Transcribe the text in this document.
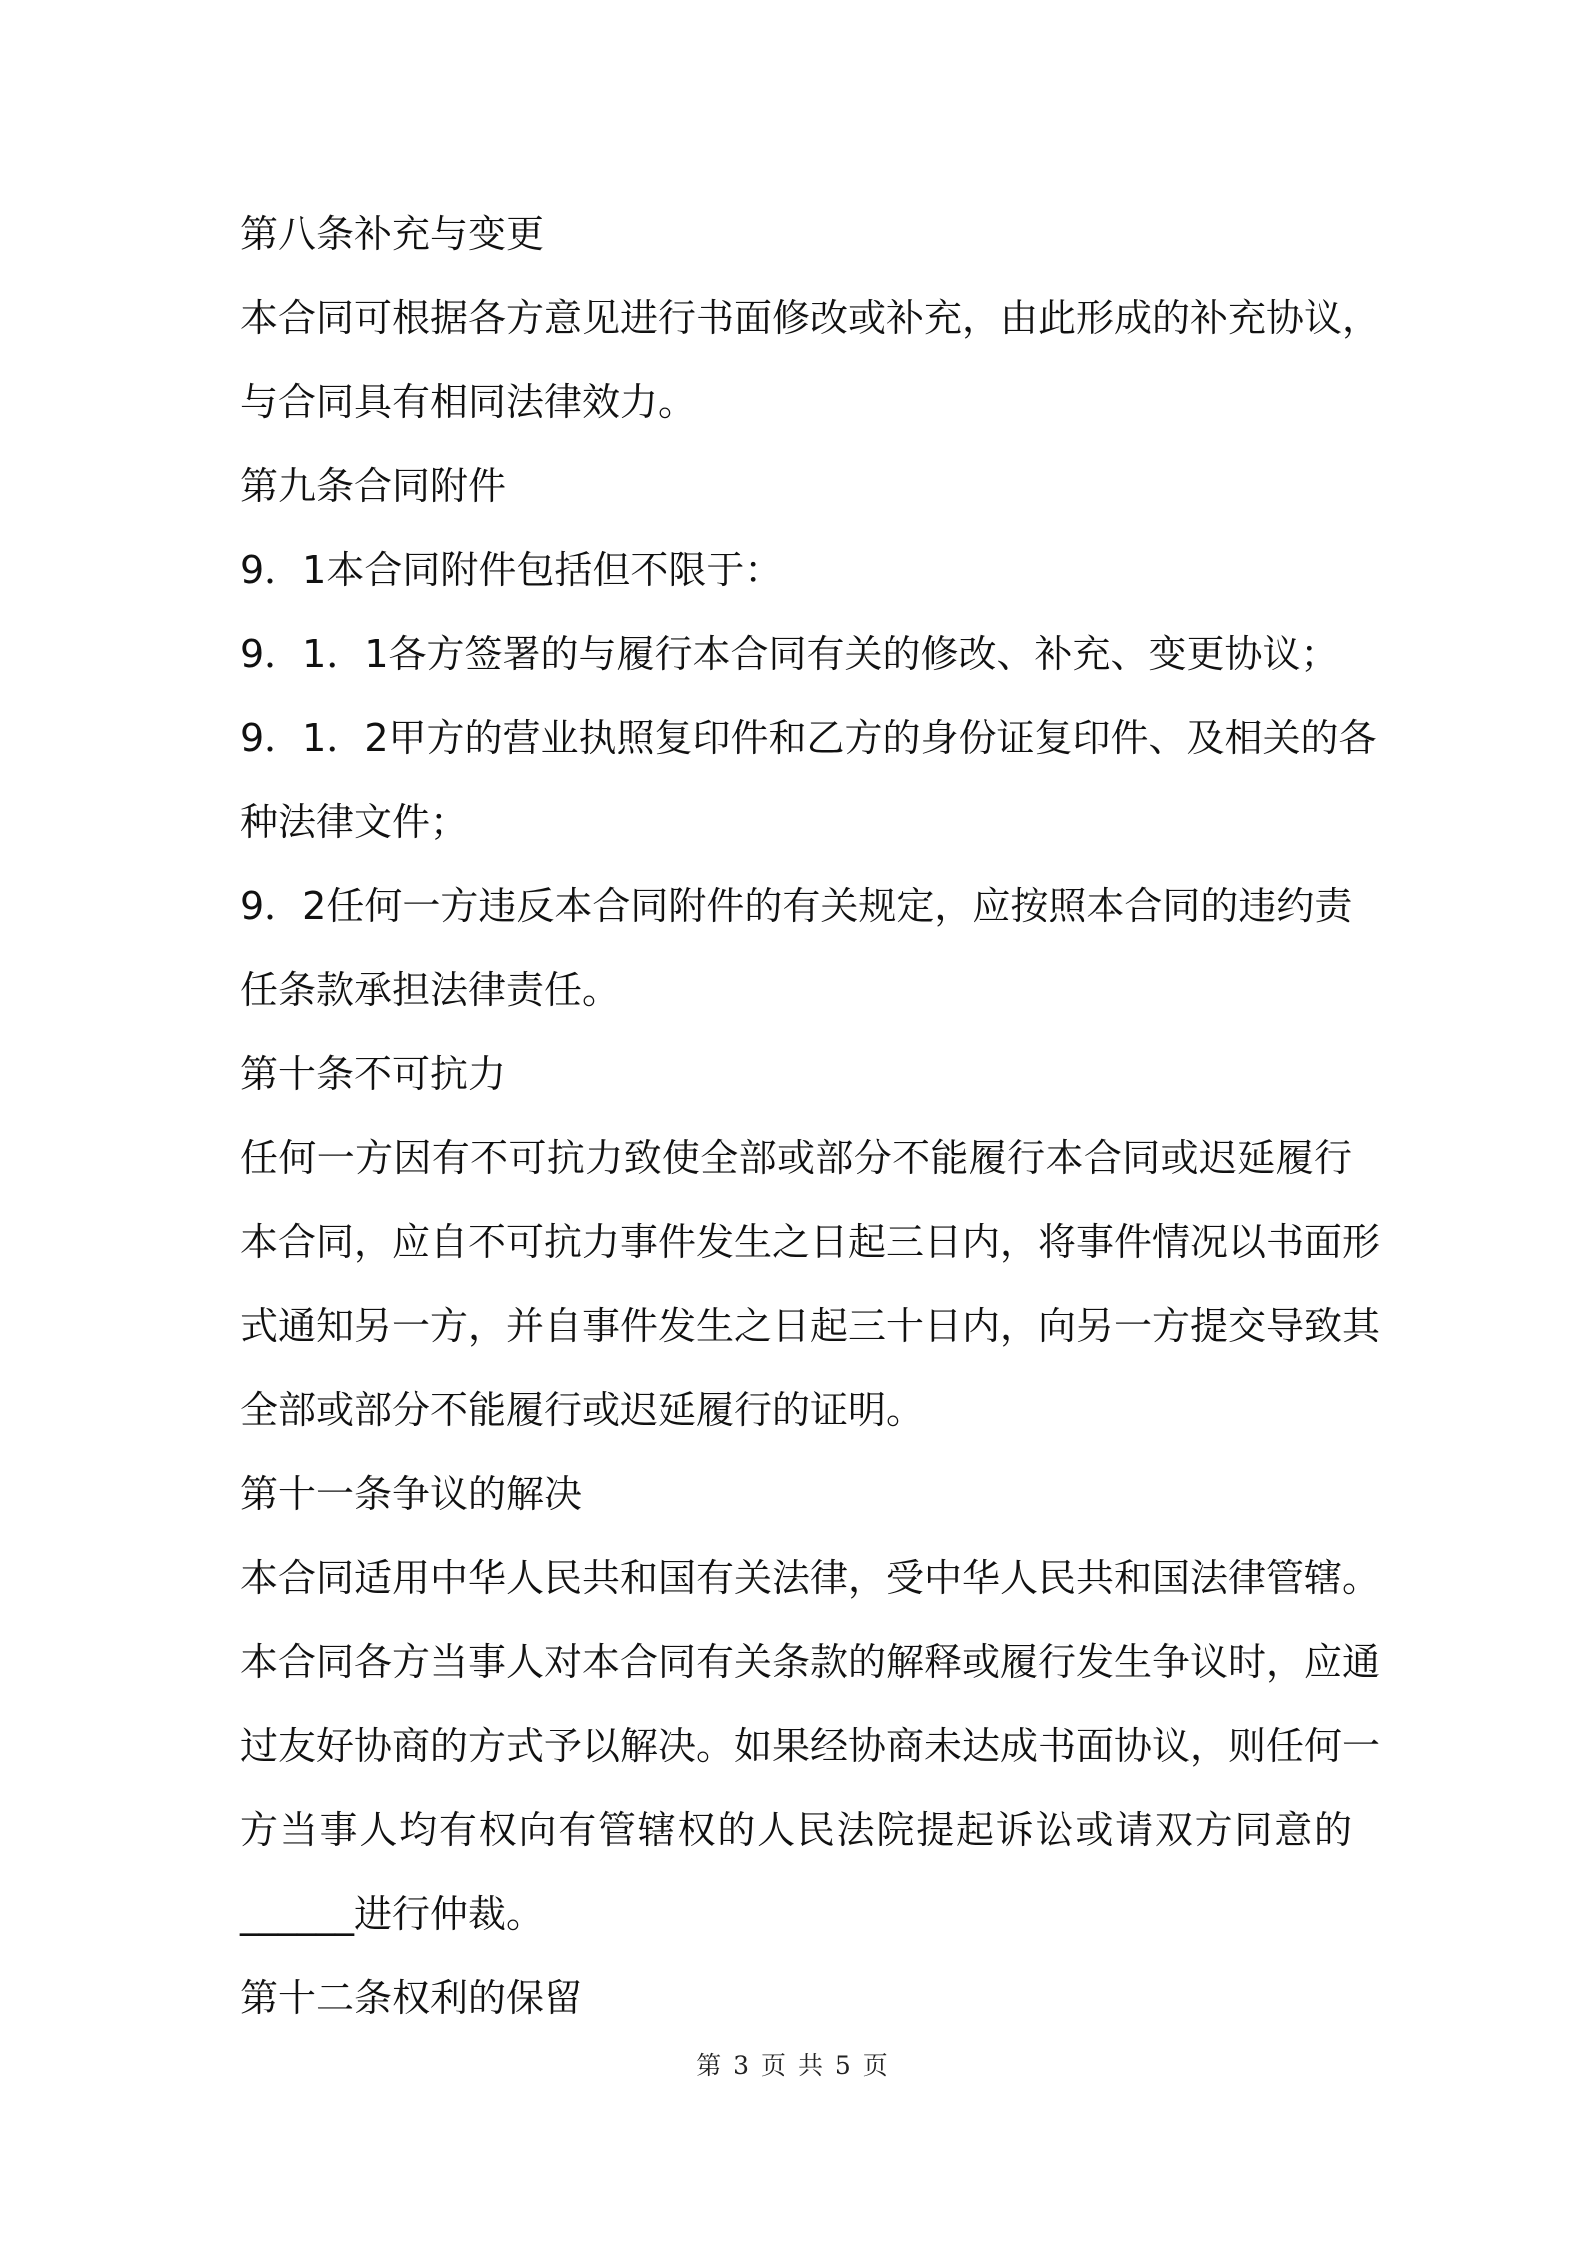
第八条补充与变更
本合同可根据各方意见进行书面修改或补充，由此形成的补充协议，
与合同具有相同法律效力。
第九条合同附件
9．1本合同附件包括但不限于：
9．1．1各方签署的与履行本合同有关的修改、补充、变更协议；
9．1．2甲方的营业执照复印件和乙方的身份证复印件、及相关的各
种法律文件；
9．2任何一方违反本合同附件的有关规定，应按照本合同的违约责
任条款承担法律责任。
第十条不可抗力
任何一方因有不可抗力致使全部或部分不能履行本合同或迟延履行
本合同，应自不可抗力事件发生之日起三日内，将事件情况以书面形
式通知另一方，并自事件发生之日起三十日内，向另一方提交导致其
全部或部分不能履行或迟延履行的证明。
第十一条争议的解决
本合同适用中华人民共和国有关法律，受中华人民共和国法律管辖。
本合同各方当事人对本合同有关条款的解释或履行发生争议时，应通
过友好协商的方式予以解决。如果经协商未达成书面协议，则任何一
方当事人均有权向有管辖权的人民法院提起诉讼或请双方同意的
______进行仲裁。
第十二条权利的保留
第 3 页 共 5 页
